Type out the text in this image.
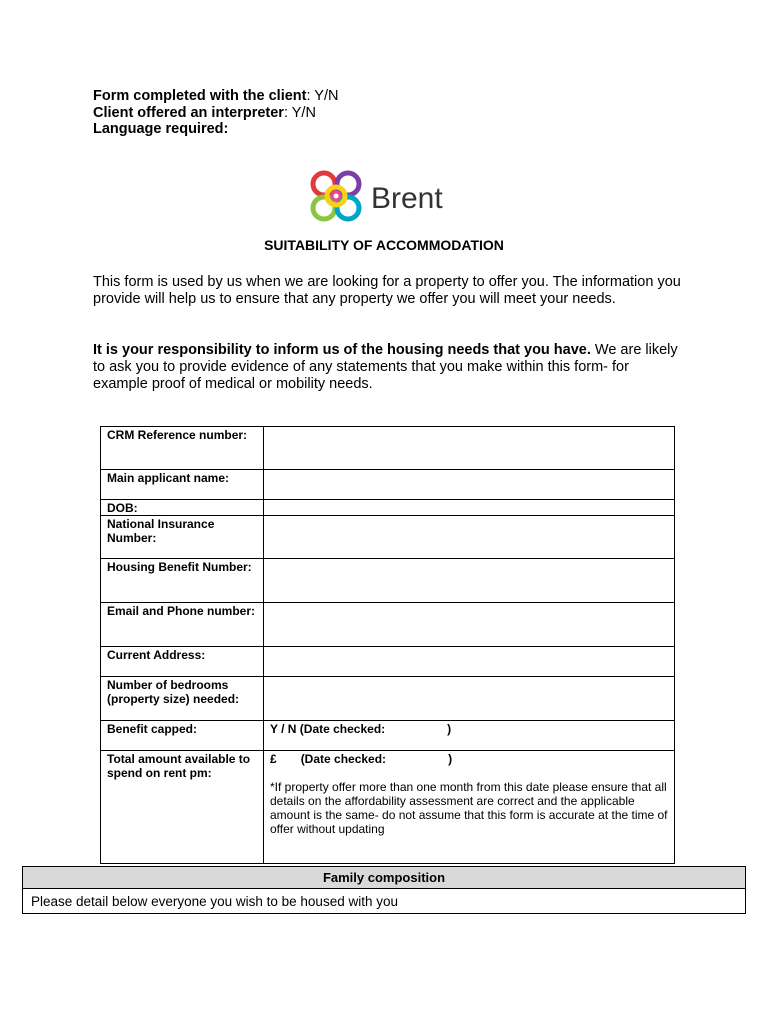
Form completed with the client: Y/N
Client offered an interpreter: Y/N
Language required:
Brent
SUITABILITY OF ACCOMMODATION
This form is used by us when we are looking for a property to offer you. The information you provide will help us to ensure that any property we offer you will meet your needs.
It is your responsibility to inform us of the housing needs that you have. We are likely to ask you to provide evidence of any statements that you make within this form- for example proof of medical or mobility needs.
CRM Reference number:	
Main applicant name:	
DOB:	
National Insurance Number:	
Housing Benefit Number:	
Email and Phone number:	
Current Address:	
Number of bedrooms (property size) needed:	
Benefit capped:	Y / N (Date checked: )
Total amount available to spend on rent pm:	£ (Date checked: )
*If property offer more than one month from this date please ensure that all details on the affordability assessment are correct and the applicable amount is the same- do not assume that this form is accurate at the time of offer without updating
Family composition
Please detail below everyone you wish to be housed with you
